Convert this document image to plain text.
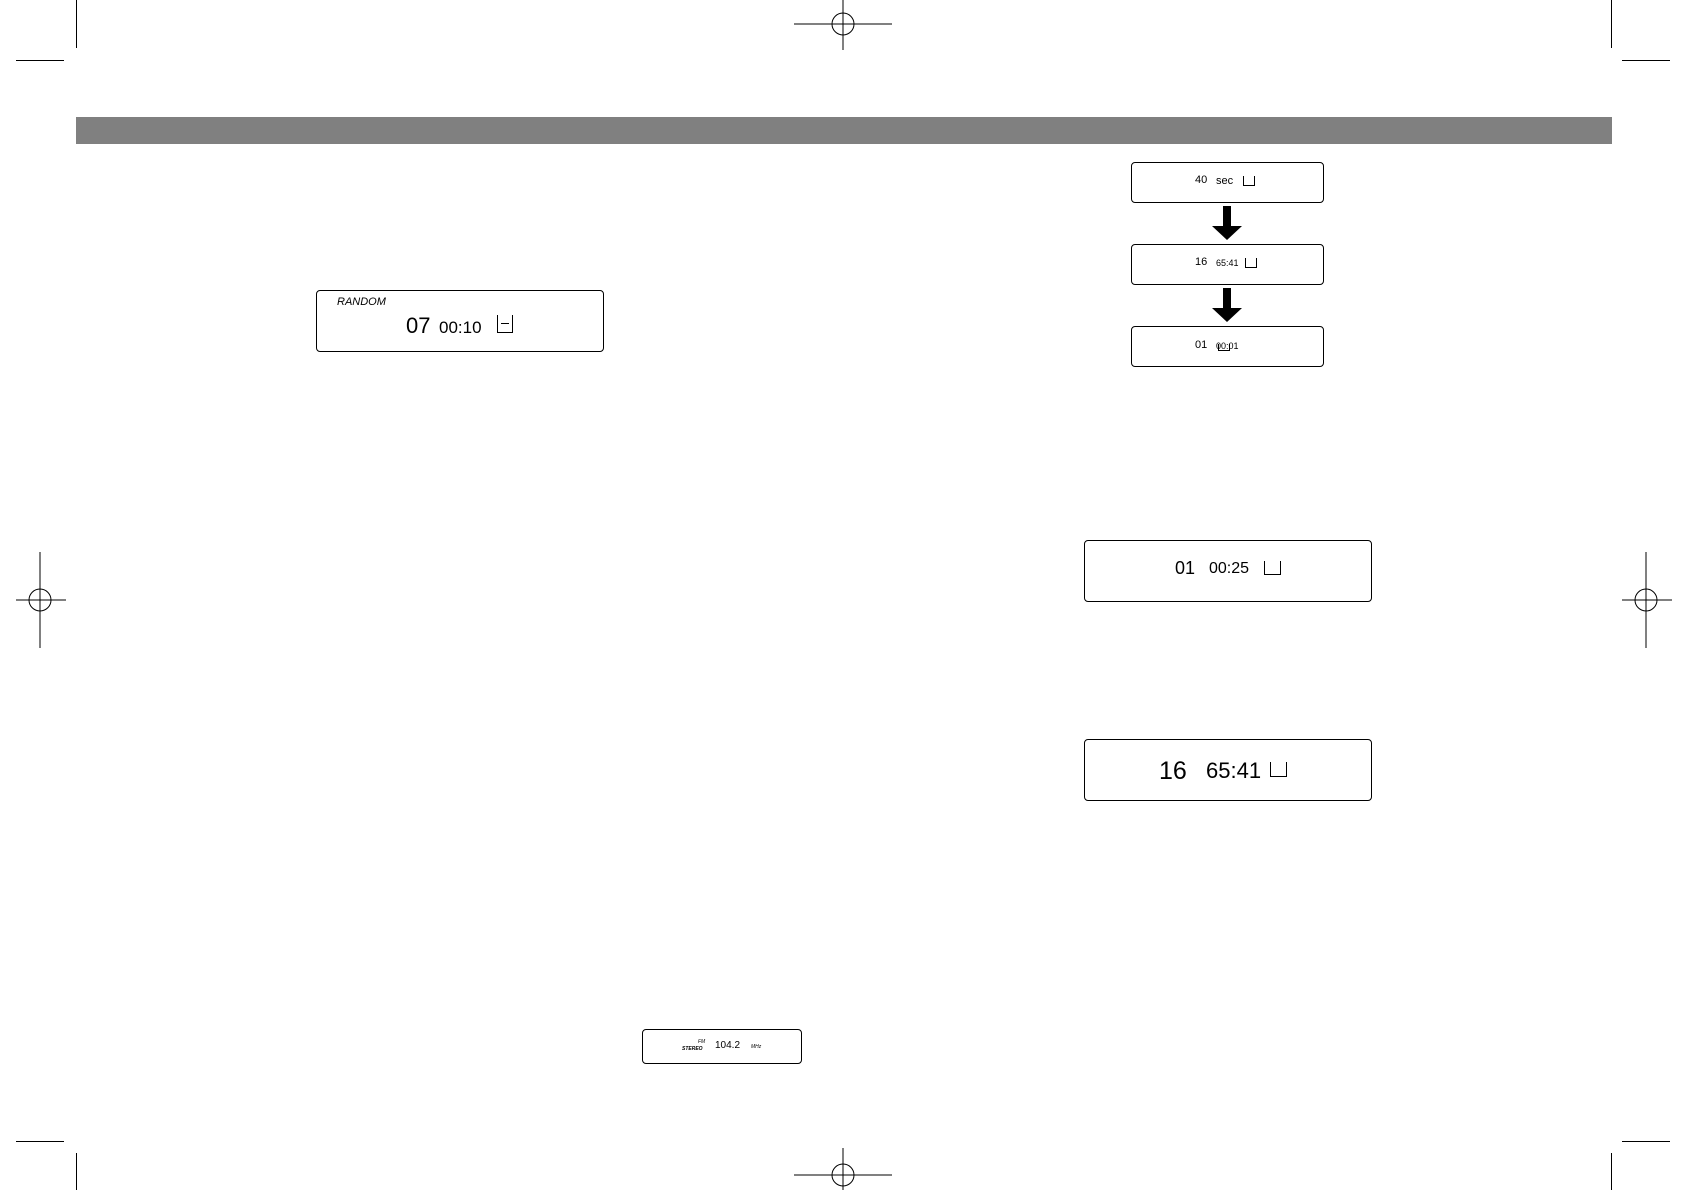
RANDOM
07 00:10
40 sec
16 65:41
01 00:01
01 00:25
16 65:41
FM
STEREO 104.2 MHz
